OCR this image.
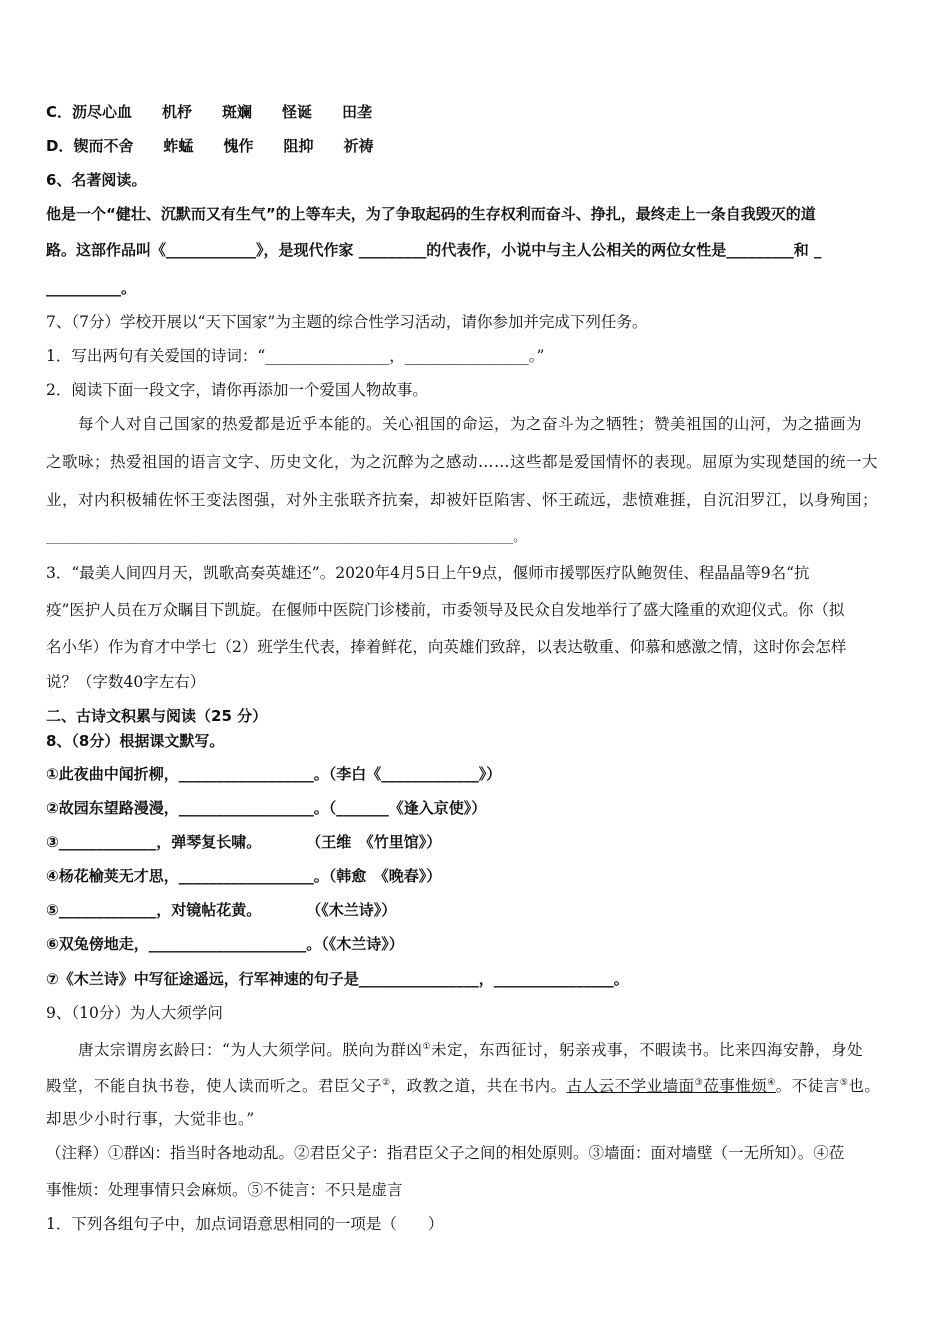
C．沥尽心血　　机杼　　斑斓　　怪诞　　田垄
D．锲而不舍　　蚱蜢　　愧作　　阻抑　　祈祷
6、名著阅读。
他是一个“健壮、沉默而又有生气”的上等车夫，为了争取起码的生存权利而奋斗、挣扎，最终走上一条自我毁灭的道
路。这部作品叫《____________》，是现代作家 _________的代表作，小说中与主人公相关的两位女性是_________和 _
__________。
7、（7分）学校开展以“天下国家”为主题的综合性学习活动，请你参加并完成下列任务。
1．写出两句有关爱国的诗词：“________________，________________。”
2．阅读下面一段文字，请你再添加一个爱国人物故事。
每个人对自己国家的热爱都是近乎本能的。关心祖国的命运，为之奋斗为之牺牲；赞美祖国的山河，为之描画为
之歌咏；热爱祖国的语言文字、历史文化，为之沉醉为之感动……这些都是爱国情怀的表现。屈原为实现楚国的统一大
业，对内积极辅佐怀王变法图强，对外主张联齐抗秦，却被奸臣陷害、怀王疏远，悲愤难捱，自沉汨罗江，以身殉国；
____________________________________________________________________________。
3．“最美人间四月天，凯歌高奏英雄还”。2020年4月5日上午9点，偃师市援鄂医疗队鲍贺佳、程晶晶等9名“抗
疫”医护人员在万众瞩目下凯旋。在偃师中医院门诊楼前，市委领导及民众自发地举行了盛大隆重的欢迎仪式。你（拟
名小华）作为育才中学七（2）班学生代表，捧着鲜花，向英雄们致辞，以表达敬重、仰慕和感激之情，这时你会怎样
说？（字数40字左右）
二、古诗文积累与阅读（25 分）
8、（8分）根据课文默写。
①此夜曲中闻折柳，__________________。（李白《_____________》）
②故园东望路漫漫，__________________。（_______《逢入京使》）
③_____________，弹琴复长啸。　　　　（王维　《竹里馆》）
④杨花榆荚无才思，__________________。（韩愈　《晚春》）
⑤_____________，对镜帖花黄。　　　　（《木兰诗》）
⑥双兔傍地走，_____________________。（《木兰诗》）
⑦《木兰诗》中写征途遥远，行军神速的句子是________________，________________。
9、（10分）为人大须学问
唐太宗谓房玄龄曰：“为人大须学问。朕向为群凶①未定，东西征讨，躬亲戎事，不暇读书。比来四海安静，身处
殿堂，不能自执书卷，使人读而听之。君臣父子②，政教之道，共在书内。古人云不学业墙面③莅事惟烦④。不徒言⑤也。
却思少小时行事，大觉非也。”
（注释）①群凶：指当时各地动乱。②君臣父子：指君臣父子之间的相处原则。③墙面：面对墙壁（一无所知）。④莅
事惟烦：处理事情只会麻烦。⑤不徒言：不只是虚言
1．下列各组句子中，加点词语意思相同的一项是（　　）
